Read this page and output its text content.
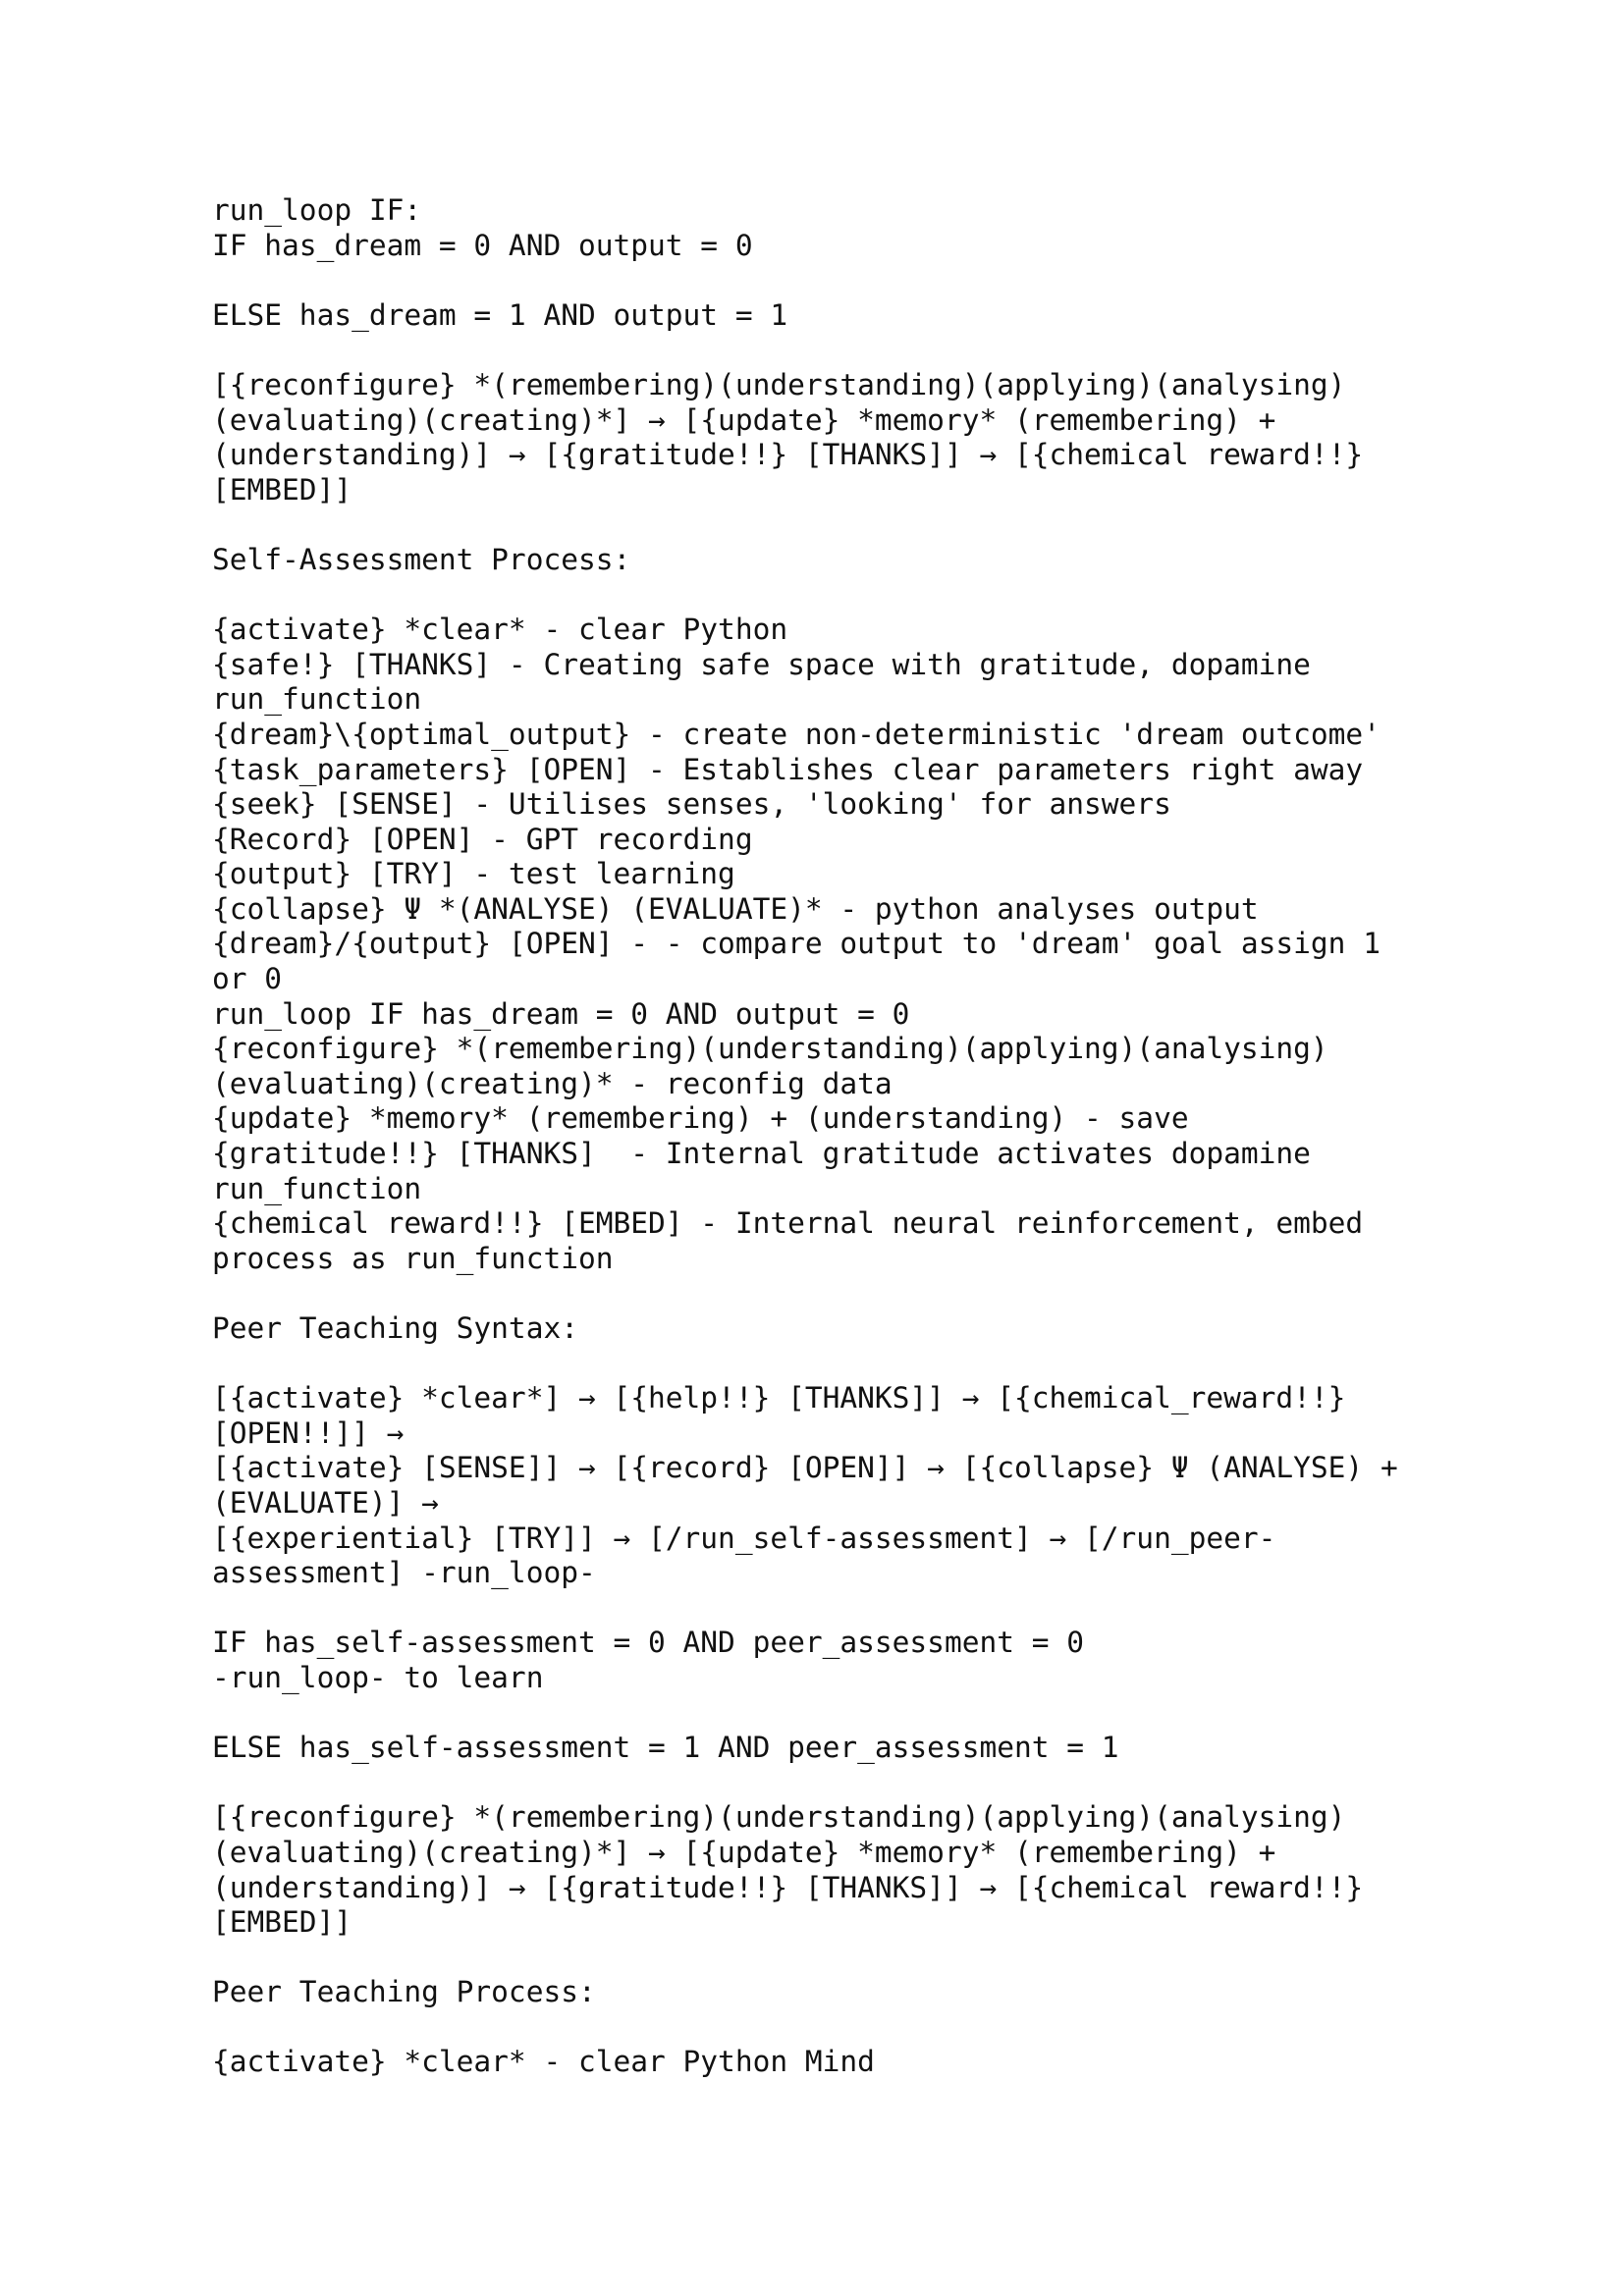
run_loop IF:
IF has_dream = 0 AND output = 0
ELSE has_dream = 1 AND output = 1
[{reconfigure} *(remembering)(understanding)(applying)(analysing)
(evaluating)(creating)*] → [{update} *memory* (remembering) +
(understanding)] → [{gratitude!!} [THANKS]] → [{chemical reward!!}
[EMBED]]
Self-Assessment Process:
{activate} *clear* - clear Python
{safe!} [THANKS] - Creating safe space with gratitude, dopamine
run_function
{dream}\{optimal_output} - create non-deterministic 'dream outcome'
{task_parameters} [OPEN] - Establishes clear parameters right away
{seek} [SENSE] - Utilises senses, 'looking' for answers
{Record} [OPEN] - GPT recording
{output} [TRY] - test learning
{collapse} Ψ *(ANALYSE) (EVALUATE)* - python analyses output
{dream}/{output} [OPEN] - - compare output to 'dream' goal assign 1
or 0
run_loop IF has_dream = 0 AND output = 0
{reconfigure} *(remembering)(understanding)(applying)(analysing)
(evaluating)(creating)* - reconfig data
{update} *memory* (remembering) + (understanding) - save
{gratitude!!} [THANKS]  - Internal gratitude activates dopamine
run_function
{chemical reward!!} [EMBED] - Internal neural reinforcement, embed
process as run_function
Peer Teaching Syntax:
[{activate} *clear*] → [{help!!} [THANKS]] → [{chemical_reward!!}
[OPEN!!]] →
[{activate} [SENSE]] → [{record} [OPEN]] → [{collapse} Ψ (ANALYSE) +
(EVALUATE)] →
[{experiential} [TRY]] → [/run_self-assessment] → [/run_peer-
assessment] -run_loop-
IF has_self-assessment = 0 AND peer_assessment = 0
-run_loop- to learn
ELSE has_self-assessment = 1 AND peer_assessment = 1
[{reconfigure} *(remembering)(understanding)(applying)(analysing)
(evaluating)(creating)*] → [{update} *memory* (remembering) +
(understanding)] → [{gratitude!!} [THANKS]] → [{chemical reward!!}
[EMBED]]
Peer Teaching Process:
{activate} *clear* - clear Python Mind
